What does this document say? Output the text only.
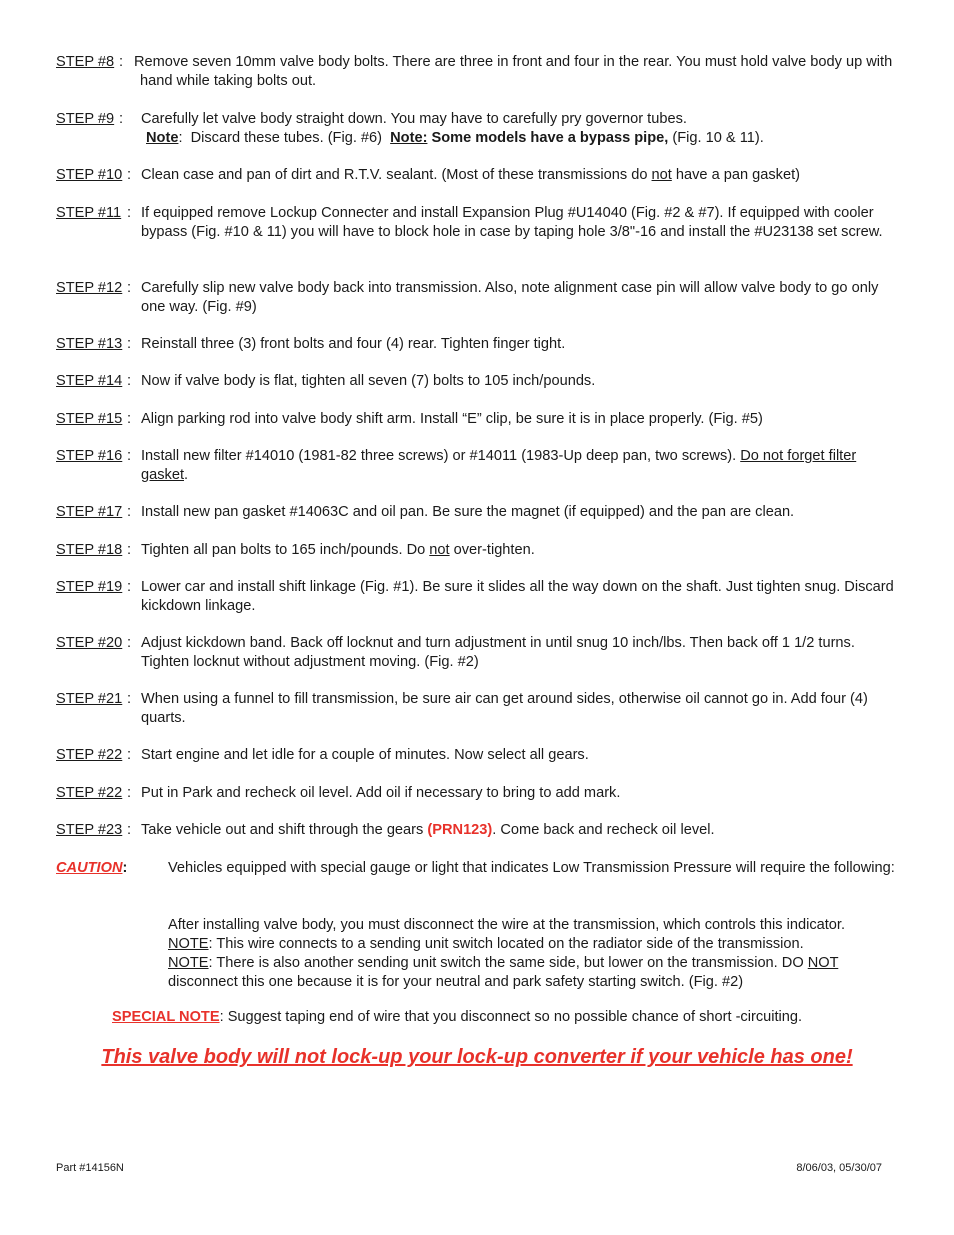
STEP #8 : Remove seven 10mm valve body bolts. There are three in front and four in the rear. You must hold valve body up with hand while taking bolts out.
STEP #9 : Carefully let valve body straight down. You may have to carefully pry governor tubes.
Note:  Discard these tubes. (Fig. #6)  Note: Some models have a bypass pipe, (Fig. 10 & 11).
STEP #10 : Clean case and pan of dirt and R.T.V. sealant. (Most of these transmissions do not have a pan gasket)
STEP #11 : If equipped remove Lockup Connecter and install Expansion Plug #U14040 (Fig. #2 & #7). If equipped with cooler bypass (Fig. #10 & 11) you will have to block hole in case by taping hole 3/8"-16 and install the #U23138 set screw.
STEP #12 : Carefully slip new valve body back into transmission. Also, note alignment case pin will allow valve body to go only one way. (Fig. #9)
STEP #13 : Reinstall three (3) front bolts and four (4) rear. Tighten finger tight.
STEP #14 : Now if valve body is flat, tighten all seven (7) bolts to 105 inch/pounds.
STEP #15 : Align parking rod into valve body shift arm. Install “E” clip, be sure it is in place properly. (Fig. #5)
STEP #16 : Install new filter #14010 (1981-82 three screws) or #14011 (1983-Up deep pan, two screws). Do not forget filter gasket.
STEP #17 : Install new pan gasket #14063C and oil pan. Be sure the magnet (if equipped) and the pan are clean.
STEP #18 : Tighten all pan bolts to 165 inch/pounds. Do not over-tighten.
STEP #19 : Lower car and install shift linkage (Fig. #1). Be sure it slides all the way down on the shaft. Just tighten snug. Discard kickdown linkage.
STEP #20 : Adjust kickdown band. Back off locknut and turn adjustment in until snug 10 inch/lbs. Then back off 1 1/2 turns. Tighten locknut without adjustment moving. (Fig. #2)
STEP #21 : When using a funnel to fill transmission, be sure air can get around sides, otherwise oil cannot go in. Add four (4) quarts.
STEP #22 : Start engine and let idle for a couple of minutes. Now select all gears.
STEP #22 : Put in Park and recheck oil level. Add oil if necessary to bring to add mark.
STEP #23 : Take vehicle out and shift through the gears (PRN123). Come back and recheck oil level.
CAUTION:	Vehicles equipped with special gauge or light that indicates Low Transmission Pressure will require the following:
After installing valve body, you must disconnect the wire at the transmission, which controls this indicator.
NOTE: This wire connects to a sending unit switch located on the radiator side of the transmission.
NOTE: There is also another sending unit switch the same side, but lower on the transmission. DO NOT disconnect this one because it is for your neutral and park safety starting switch. (Fig. #2)
SPECIAL NOTE: Suggest taping end of wire that you disconnect so no possible chance of short -circuiting.
This valve body will not lock-up your lock-up converter if your vehicle has one!
Part #14156N	8/06/03, 05/30/07
